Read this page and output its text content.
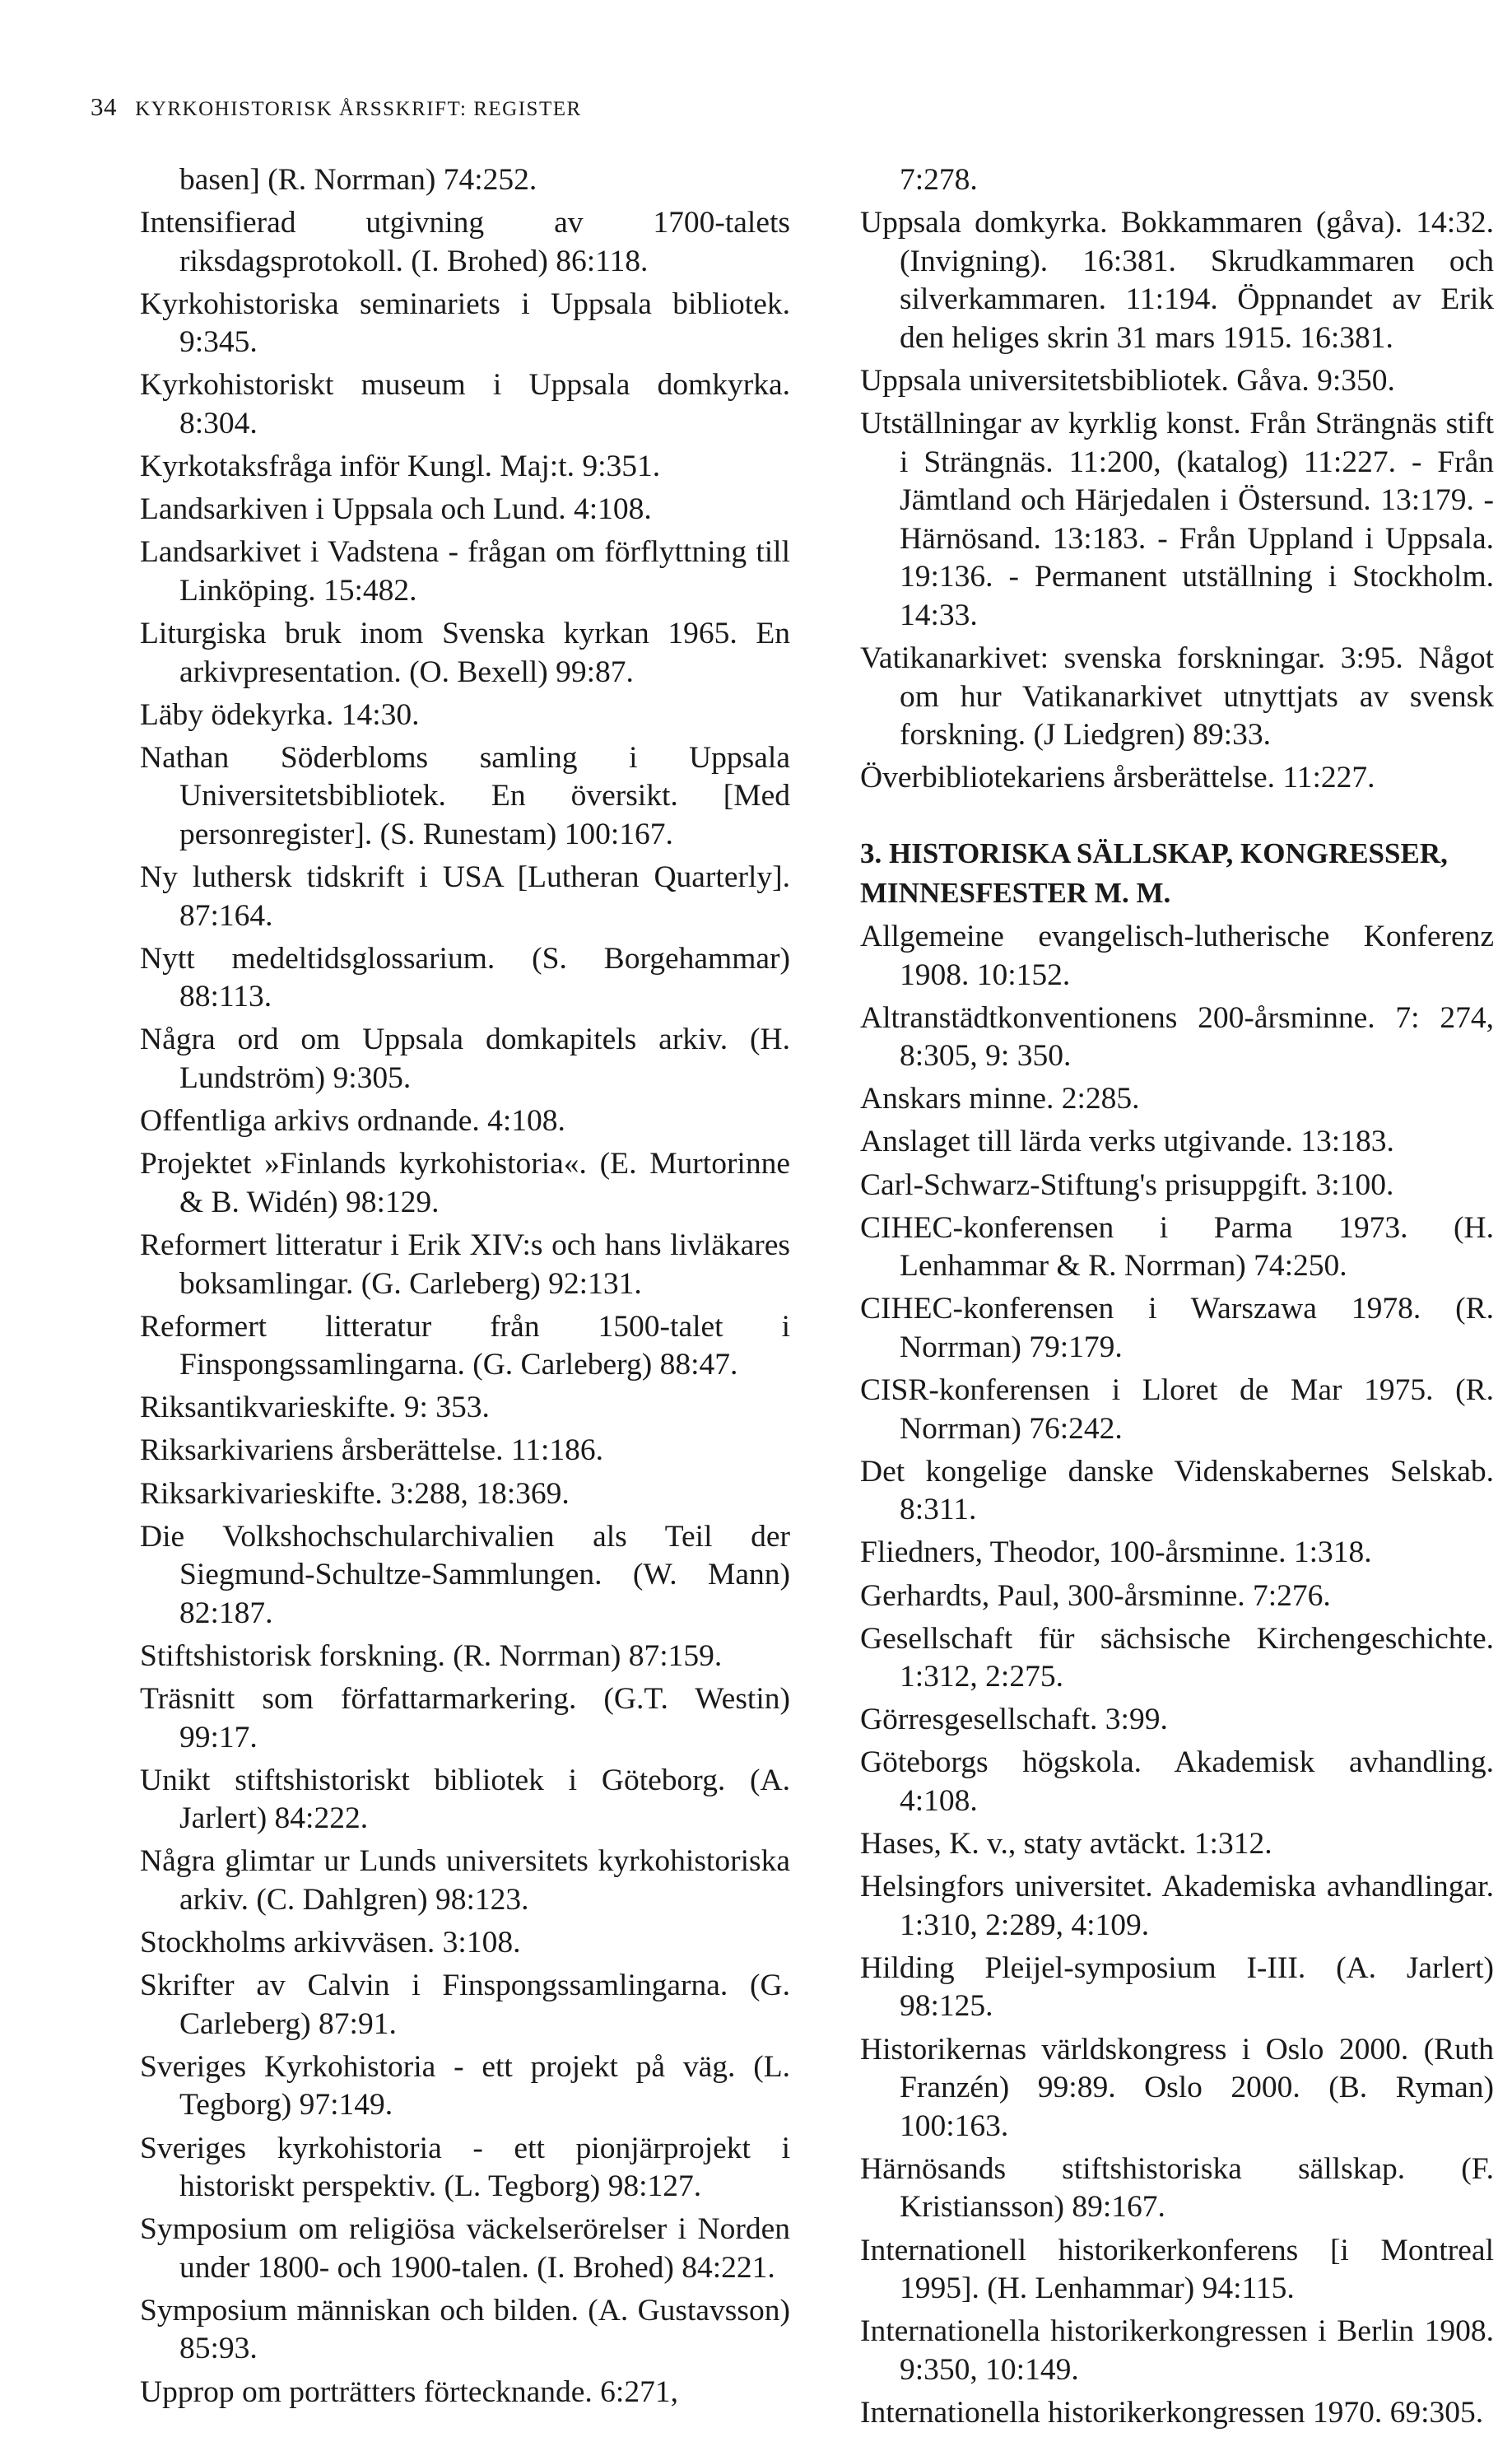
34 KYRKOHISTORISK ÅRSSKRIFT: REGISTER

basen] (R. Norrman) 74:252.

Intensifierad utgivning av 1700-talets riksdagsprotokoll. (I. Brohed) 86:118.

Kyrkohistoriska seminariets i Uppsala bibliotek. 9:345.

Kyrkohistoriskt museum i Uppsala domkyrka. 8:304.

Kyrkotaksfråga inför Kungl. Maj:t. 9:351.

Landsarkiven i Uppsala och Lund. 4:108.

Landsarkivet i Vadstena - frågan om förflyttning till Linköping. 15:482.

Liturgiska bruk inom Svenska kyrkan 1965. En arkivpresentation. (O. Bexell) 99:87.

Läby ödekyrka. 14:30.

Nathan Söderbloms samling i Uppsala Universitetsbibliotek. En översikt. [Med personregister]. (S. Runestam) 100:167.

Ny luthersk tidskrift i USA [Lutheran Quarterly]. 87:164.

Nytt medeltidsglossarium. (S. Borgehammar) 88:113.

Några ord om Uppsala domkapitels arkiv. (H. Lundström) 9:305.

Offentliga arkivs ordnande. 4:108.

Projektet »Finlands kyrkohistoria«. (E. Murtorinne & B. Widén) 98:129.

Reformert litteratur i Erik XIV:s och hans livläkares boksamlingar. (G. Carleberg) 92:131.

Reformert litteratur från 1500-talet i Finspongssamlingarna. (G. Carleberg) 88:47.

Riksantikvarieskifte. 9: 353.

Riksarkivariens årsberättelse. 11:186.

Riksarkivarieskifte. 3:288, 18:369.

Die Volkshochschularchivalien als Teil der Siegmund-Schultze-Sammlungen. (W. Mann) 82:187.

Stiftshistorisk forskning. (R. Norrman) 87:159.

Träsnitt som författarmarkering. (G.T. Westin) 99:17.

Unikt stiftshistoriskt bibliotek i Göteborg. (A. Jarlert) 84:222.

Några glimtar ur Lunds universitets kyrkohistoriska arkiv. (C. Dahlgren) 98:123.

Stockholms arkivväsen. 3:108.

Skrifter av Calvin i Finspongssamlingarna. (G. Carleberg) 87:91.

Sveriges Kyrkohistoria - ett projekt på väg. (L. Tegborg) 97:149.

Sveriges kyrkohistoria - ett pionjärprojekt i historiskt perspektiv. (L. Tegborg) 98:127.

Symposium om religiösa väckelserörelser i Norden under 1800- och 1900-talen. (I. Brohed) 84:221.

Symposium människan och bilden. (A. Gustavsson) 85:93.

Upprop om porträtters förtecknande. 6:271,

7:278.

Uppsala domkyrka. Bokkammaren (gåva). 14:32. (Invigning). 16:381. Skrudkammaren och silverkammaren. 11:194. Öppnandet av Erik den heliges skrin 31 mars 1915. 16:381.

Uppsala universitetsbibliotek. Gåva. 9:350.

Utställningar av kyrklig konst. Från Strängnäs stift i Strängnäs. 11:200, (katalog) 11:227. - Från Jämtland och Härjedalen i Östersund. 13:179. - Härnösand. 13:183. - Från Uppland i Uppsala. 19:136. - Permanent utställning i Stockholm. 14:33.

Vatikanarkivet: svenska forskningar. 3:95. Något om hur Vatikanarkivet utnyttjats av svensk forskning. (J Liedgren) 89:33.

Överbibliotekariens årsberättelse. 11:227.

3. HISTORISKA SÄLLSKAP, KONGRESSER, MINNESFESTER M. M.

Allgemeine evangelisch-lutherische Konferenz 1908. 10:152.

Altranstädtkonventionens 200-årsminne. 7: 274, 8:305, 9: 350.

Anskars minne. 2:285.

Anslaget till lärda verks utgivande. 13:183.

Carl-Schwarz-Stiftung's prisuppgift. 3:100.

CIHEC-konferensen i Parma 1973. (H. Lenhammar & R. Norrman) 74:250.

CIHEC-konferensen i Warszawa 1978. (R. Norrman) 79:179.

CISR-konferensen i Lloret de Mar 1975. (R. Norrman) 76:242.

Det kongelige danske Videnskabernes Selskab. 8:311.

Fliedners, Theodor, 100-årsminne. 1:318.

Gerhardts, Paul, 300-årsminne. 7:276.

Gesellschaft für sächsische Kirchengeschichte. 1:312, 2:275.

Görresgesellschaft. 3:99.

Göteborgs högskola. Akademisk avhandling. 4:108.

Hases, K. v., staty avtäckt. 1:312.

Helsingfors universitet. Akademiska avhandlingar. 1:310, 2:289, 4:109.

Hilding Pleijel-symposium I-III. (A. Jarlert) 98:125.

Historikernas världskongress i Oslo 2000. (Ruth Franzén) 99:89. Oslo 2000. (B. Ryman) 100:163.

Härnösands stiftshistoriska sällskap. (F. Kristiansson) 89:167.

Internationell historikerkonferens [i Montreal 1995]. (H. Lenhammar) 94:115.

Internationella historikerkongressen i Berlin 1908. 9:350, 10:149.

Internationella historikerkongressen 1970. 69:305.
